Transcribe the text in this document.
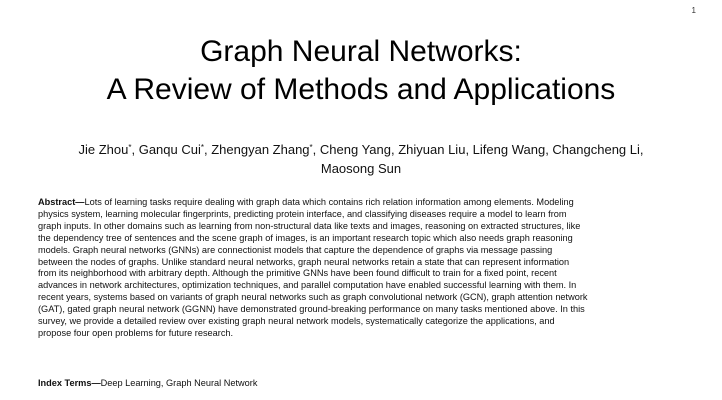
1
Graph Neural Networks:
A Review of Methods and Applications
Jie Zhou*, Ganqu Cui*, Zhengyan Zhang*, Cheng Yang, Zhiyuan Liu, Lifeng Wang, Changcheng Li,
Maosong Sun
Abstract—Lots of learning tasks require dealing with graph data which contains rich relation information among elements. Modeling
physics system, learning molecular fingerprints, predicting protein interface, and classifying diseases require a model to learn from
graph inputs. In other domains such as learning from non-structural data like texts and images, reasoning on extracted structures, like
the dependency tree of sentences and the scene graph of images, is an important research topic which also needs graph reasoning
models. Graph neural networks (GNNs) are connectionist models that capture the dependence of graphs via message passing
between the nodes of graphs. Unlike standard neural networks, graph neural networks retain a state that can represent information
from its neighborhood with arbitrary depth. Although the primitive GNNs have been found difficult to train for a fixed point, recent
advances in network architectures, optimization techniques, and parallel computation have enabled successful learning with them. In
recent years, systems based on variants of graph neural networks such as graph convolutional network (GCN), graph attention network
(GAT), gated graph neural network (GGNN) have demonstrated ground-breaking performance on many tasks mentioned above. In this
survey, we provide a detailed review over existing graph neural network models, systematically categorize the applications, and
propose four open problems for future research.
Index Terms—Deep Learning, Graph Neural Network
